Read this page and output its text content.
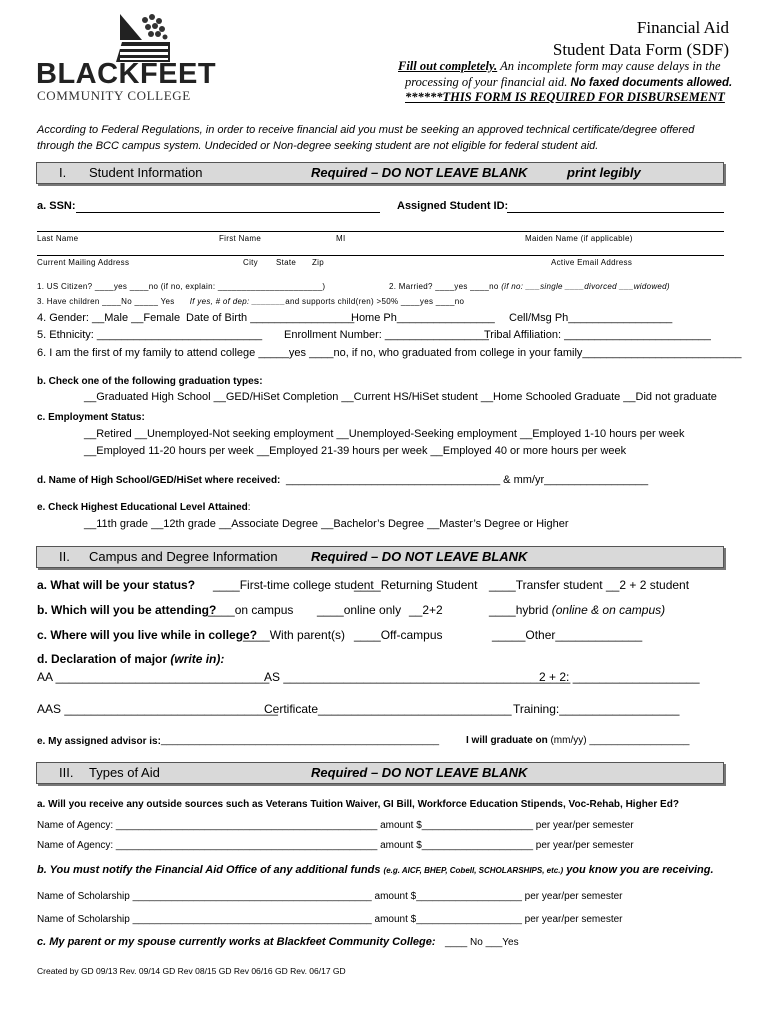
BLACKFEET
COMMUNITY COLLEGE
Financial Aid
Student Data Form (SDF)
Fill out completely. An incomplete form may cause delays in the
processing of your financial aid. No faxed documents allowed.
******THIS FORM IS REQUIRED FOR DISBURSEMENT
According to Federal Regulations, in order to receive financial aid you must be seeking an approved technical certificate/degree offered
through the BCC campus system. Undecided or Non-degree seeking student are not eligible for federal student aid.
I. Student Information	Required – DO NOT LEAVE BLANK	print legibly
a. SSN:	Assigned Student ID:
Last Name	First Name	MI	Maiden Name (if applicable)
Current Mailing Address	City State Zip	Active Email Address
1. US Citizen? ____yes ____no (if no, explain: ______________________)	2. Married? ____yes ____no (if no: ___single ____divorced ___widowed)
3. Have children ____No _____ Yes If yes, # of dep: _______and supports child(ren) >50% ____yes ____no
4. Gender: __Male __Female Date of Birth _________________
Home Ph________________ Cell/Msg Ph_________________
5. Ethnicity: ___________________________ Enrollment Number: _________________
Tribal Affiliation: ________________________
6. I am the first of my family to attend college _____yes ____no, if no, who graduated from college in your family__________________________
b. Check one of the following graduation types:
__Graduated High School __GED/HiSet Completion __Current HS/HiSet student __Home Schooled Graduate __Did not graduate
c. Employment Status:
__Retired __Unemployed-Not seeking employment __Unemployed-Seeking employment __Employed 1-10 hours per week
__Employed 11-20 hours per week __Employed 21-39 hours per week __Employed 40 or more hours per week
d. Name of High School/GED/HiSet where received: ___________________________________ & mm/yr_________________
e. Check Highest Educational Level Attained:
__11th grade __12th grade __Associate Degree __Bachelor’s Degree __Master’s Degree or Higher
II. Campus and Degree Information	Required – DO NOT LEAVE BLANK
a. What will be your status? ____First-time college student
____Returning Student ____Transfer student __2 + 2 student
b. Which will you be attending?
____on campus ____online only __2+2	____hybrid (online & on campus)
c. Where will you live while in college?
____With parent(s) ____Off-campus	_____Other_____________
d. Declaration of major (write in):
AA ________________________________
AS ___________________________________________
2 + 2: ___________________
AAS ________________________________
Certificate_____________________________ Training:__________________
e. My assigned advisor is: __________________________________________________	I will graduate on (mm/yy) __________________
III. Types of Aid	Required – DO NOT LEAVE BLANK
a. Will you receive any outside sources such as Veterans Tuition Waiver, GI Bill, Workforce Education Stipends, Voc-Rehab, Higher Ed?
Name of Agency: _______________________________________________ amount $____________________ per year/per semester
Name of Agency: _______________________________________________ amount $____________________ per year/per semester
b. You must notify the Financial Aid Office of any additional funds (e.g. AICF, BHEP, Cobell, SCHOLARSHIPS, etc.) you know you are receiving.
Name of Scholarship ___________________________________________ amount $___________________ per year/per semester
Name of Scholarship ___________________________________________ amount $___________________ per year/per semester
c. My parent or my spouse currently works at Blackfeet Community College: ____ No ___Yes
Created by GD 09/13 Rev. 09/14 GD Rev 08/15 GD Rev 06/16 GD Rev. 06/17 GD
